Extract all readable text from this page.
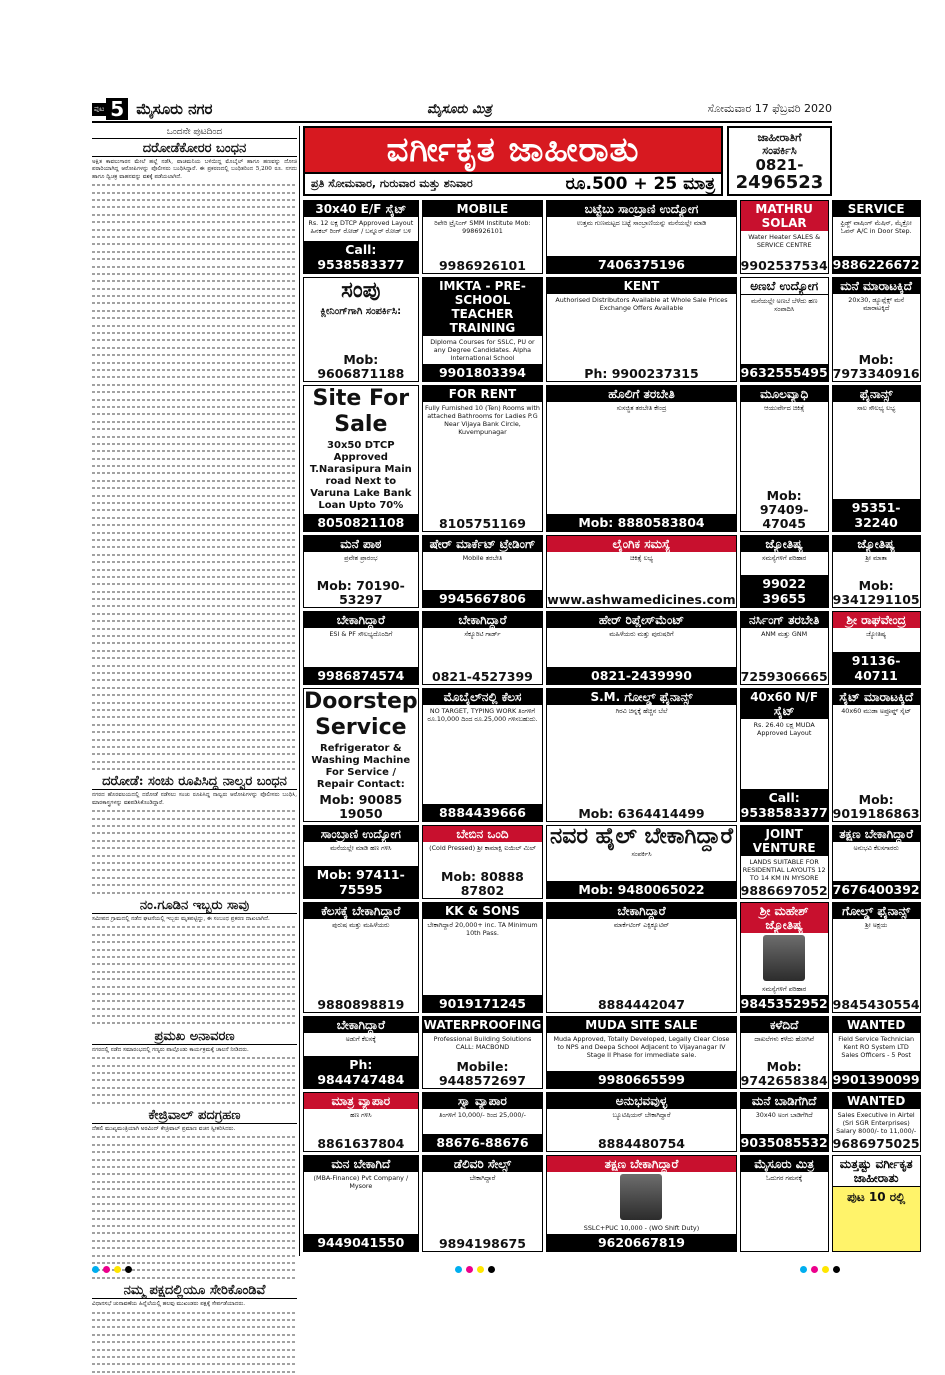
ಪುಟ 5 ಮೈಸೂರು ನಗರ	ಮೈಸೂರು ಮಿತ್ರ	ಸೋಮವಾರ 17 ಫೆಬ್ರವರಿ 2020
ಒಂದನೇ ಪುಟದಿಂದ
ದರೋಡೆಕೋರರ ಬಂಧನ

ಅಕ್ಷಿತ ಕಾವಲುಗಾರನ ಮೇಲೆ ಹಲ್ಲೆ ನಡೆಸಿ, ವಾಚಮನಿಯ ಬಳಿಯಿದ್ದ ಮೊಬೈಲ್ ಹಾಗೂ ಹಣವನ್ನು ದೋಚಿ ಪರಾರಿಯಾಗಿದ್ದ ಆರೋಪಿಗಳನ್ನು ಪೊಲೀಸರು ಬಂಧಿಸಿದ್ದಾರೆ. ಈ ಪ್ರಕರಣದಲ್ಲಿ ಬಂಧಿತರಿಂದ 5,200 ರೂ. ನಗದು ಹಾಗೂ ದ್ವಿಚಕ್ರ ವಾಹನವನ್ನು ವಶಕ್ಕೆ ಪಡೆಯಲಾಗಿದೆ.

ದರೋಡೆ: ಸಂಚು ರೂಪಿಸಿದ್ದ ನಾಲ್ವರ ಬಂಧನ

ನಗರದ ಹೊರವಲಯದಲ್ಲಿ ದರೋಡೆ ನಡೆಸಲು ಸಂಚು ರೂಪಿಸಿದ್ದ ನಾಲ್ವರು ಆರೋಪಿಗಳನ್ನು ಪೊಲೀಸರು ಬಂಧಿಸಿ, ಮಾರಕಾಸ್ತ್ರಗಳನ್ನು ವಶಪಡಿಸಿಕೊಂಡಿದ್ದಾರೆ.

ನಂ.ಗೂಡಿನ ಇಬ್ಬರು ಸಾವು

ಸಮೀಪದ ಗ್ರಾಮದಲ್ಲಿ ನಡೆದ ಘಟನೆಯಲ್ಲಿ ಇಬ್ಬರು ಮೃತಪಟ್ಟಿದ್ದು, ಈ ಸಂಬಂಧ ಪ್ರಕರಣ ದಾಖಲಾಗಿದೆ.

ಪ್ರಮಖ ಅನಾವರಣ

ನಗರದಲ್ಲಿ ನಡೆದ ಸಮಾರಂಭದಲ್ಲಿ ಗಣ್ಯರು ಪಾಲ್ಗೊಂಡು ಕಾರ್ಯಕ್ರಮಕ್ಕೆ ಚಾಲನೆ ನೀಡಿದರು.

ಕೇಜ್ರಿವಾಲ್ ಪದಗ್ರಹಣ

ದೆಹಲಿ ಮುಖ್ಯಮಂತ್ರಿಯಾಗಿ ಅರವಿಂದ್ ಕೇಜ್ರಿವಾಲ್ ಪ್ರಮಾಣ ವಚನ ಸ್ವೀಕರಿಸಿದರು.

ನಮ್ಮ ಪಕ್ಷದಲ್ಲಿಯೂ ಸೇರಿಕೊಂಡಿವೆ

ವಿಧಾನಸಭೆ ಚುನಾವಣೆಯ ಹಿನ್ನೆಲೆಯಲ್ಲಿ ಹಲವು ಮುಖಂಡರು ಪಕ್ಷಕ್ಕೆ ಸೇರ್ಪಡೆಯಾದರು.

ವರ್ಗೀಕೃತ ಜಾಹೀರಾತು
ಪ್ರತಿ ಸೋಮವಾರ, ಗುರುವಾರ ಮತ್ತು ಶನಿವಾರ	ರೂ.500 + 25 ಮಾತ್ರ
ಜಾಹೀರಾತಿಗೆ
ಸಂಪರ್ಕಿಸಿ
0821-
2496523
30x40 E/F ಸೈಟ್
Rs. 12 ಲಕ್ಷ DTCP Approved Layout ಹಿನಕಲ್ ರಿಂಗ್ ರೋಡ್ / ಬನ್ನೂರ್ ರೋಡ್ ಬಳಿ
Call: 9538583377
MOBILE
ರಿಪೇರಿ ಟ್ರೈನಿಂಗ್ SMM Institute Mob: 9986926101
9986926101
ಬಟ್ಟೆಬು ಸಾಂಬ್ರಾಣಿ ಉದ್ಯೋಗ
ಉತ್ತಮ ಗುಣಮಟ್ಟದ ಬಟ್ಟೆ ಸಾಂಬ್ರಾಣಿಯನ್ನು ಮನೆಯಲ್ಲೇ ಮಾಡಿ
7406375196
MATHRU SOLAR
Water Heater SALES & SERVICE CENTRE
9902537534
SERVICE
ಫ್ರಿಡ್ಜ್ ವಾಷಿಂಗ್ ಮೆಷಿನ್, ಮೈಕ್ರೋ ಓವನ್ A/C in Door Step.
9886226672
ಸಂಪು
ಕ್ಲೀನಿಂಗ್‌ಗಾಗಿ ಸಂಪರ್ಕಿಸಿ:
Mob: 9606871188
IMKTA - PRE-SCHOOL TEACHER TRAINING
Diploma Courses for SSLC, PU or any Degree Candidates. Alpha International School
9901803394
KENT
Authorised Distributors Available at Whole Sale Prices Exchange Offers Available
Ph: 9900237315
ಅಣಬೆ ಉದ್ಯೋಗ
ಮನೆಯಲ್ಲೇ ಅಣಬೆ ಬೆಳೆದು ಹಣ ಸಂಪಾದಿಸಿ
9632555495
ಮನೆ ಮಾರಾಟಕ್ಕಿದೆ
20x30, ಡ್ಯೂಪ್ಲೆಕ್ಸ್ ಮನೆ ಮಾರಾಟಕ್ಕಿದೆ
Mob: 7973340916
Site For Sale
30x50 DTCP Approved T.Narasipura Main road Next to Varuna Lake Bank Loan Upto 70%
8050821108
FOR RENT
Fully Furnished 10 (Ten) Rooms with attached Bathrooms for Ladies P.G Near Vijaya Bank Circle, Kuvempunagar
8105751169
ಹೊಲಿಗೆ ತರಬೇತಿ
ಸುಸಜ್ಜಿತ ತರಬೇತಿ ಕೇಂದ್ರ
Mob: 8880583804
ಮೂಲವ್ಯಾಧಿ
ಆಯುರ್ವೇದ ಚಿಕಿತ್ಸೆ
Mob: 97409-47045
ಫೈನಾನ್ಸ್
ಸಾಲ ಸೌಲಭ್ಯ ಲಭ್ಯ
95351-32240
ಮನೆ ಪಾಠ
ಪ್ರವೇಶ ಪ್ರಾರಂಭ
Mob: 70190-53297
ಷೇರ್ ಮಾರ್ಕೆಟ್ ಟ್ರೇಡಿಂಗ್
Mobile ತರಬೇತಿ
9945667806
ಲೈಂಗಿಕ ಸಮಸ್ಯೆ
ಚಿಕಿತ್ಸೆ ಲಭ್ಯ
www.ashwamedicines.com
ಜ್ಯೋತಿಷ್ಯ
ಸಮಸ್ಯೆಗಳಿಗೆ ಪರಿಹಾರ
99022 39655
ಜ್ಯೋತಿಷ್ಯ
ಶ್ರೀ ಮಾತಾ
Mob: 9341291105
ಬೇಕಾಗಿದ್ದಾರೆ
ESI & PF ಸೌಲಭ್ಯದೊಂದಿಗೆ
9986874574
ಬೇಕಾಗಿದ್ದಾರೆ
ಸೆಕ್ಯೂರಿಟಿ ಗಾರ್ಡ್
0821-4527399
ಹೇರ್ ರಿಪ್ಲೇಸ್‌ಮೆಂಟ್
ಮಹಿಳೆಯರು ಮತ್ತು ಪುರುಷರಿಗೆ
0821-2439990
ನರ್ಸಿಂಗ್ ತರಬೇತಿ
ANM ಮತ್ತು GNM
7259306665
ಶ್ರೀ ರಾಘವೇಂದ್ರ
ಜ್ಯೋತಿಷ್ಯ
91136-40711
Doorstep Service
Refrigerator & Washing Machine For Service / Repair Contact:
Mob: 90085 19050
ಮೊಬೈಲ್‌ನಲ್ಲಿ ಕೆಲಸ
NO TARGET, TYPING WORK ತಿಂಗಳಿಗೆ ರೂ.10,000 ದಿಂದ ರೂ.25,000 ಗಳಿಸಬಹುದು.
8884439666
S.M. ಗೋಲ್ಡ್ ಫೈನಾನ್ಸ್
ಗಿರವಿ ಚಿನ್ನಕ್ಕೆ ಹೆಚ್ಚಿನ ಬೆಲೆ
Mob: 6364414499
40x60 N/F ಸೈಟ್
Rs. 26.40 ಲಕ್ಷ MUDA Approved Layout
Call: 9538583377
ಸೈಟ್ ಮಾರಾಟಕ್ಕಿದೆ
40x60 ಮುಡಾ ಅಪ್ರೂವ್ಡ್ ಸೈಟ್
Mob: 9019186863
ಸಾಂಬ್ರಾಣಿ ಉದ್ಯೋಗ
ಮನೆಯಲ್ಲೇ ಮಾಡಿ ಹಣ ಗಳಿಸಿ
Mob: 97411-75595
ಬೇಬಿನ ಒಂದಿ
(Cold Pressed) ಶ್ರೀ ಕಾಮಾಕ್ಷಿ ಐಯಿಲ್ ಮಿಲ್
Mob: 80888 87802
ನವರ ಹೈಲ್ ಬೇಕಾಗಿದ್ದಾರೆ
ಸಂಪರ್ಕಿಸಿ
Mob: 9480065022
JOINT VENTURE
LANDS SUITABLE FOR RESIDENTIAL LAYOUTS 12 TO 14 KM IN MYSORE
9886697052
ತಕ್ಷಣ ಬೇಕಾಗಿದ್ದಾರೆ
ಅನುಭವಿ ಕೆಲಸಗಾರರು
7676400392
ಕೆಲಸಕ್ಕೆ ಬೇಕಾಗಿದ್ದಾರೆ
ಪುರುಷ ಮತ್ತು ಮಹಿಳೆಯರು
9880898819
KK & SONS
ಬೇಕಾಗಿದ್ದಾರೆ 20,000+ inc. TA Minimum 10th Pass.
9019171245
ಬೇಕಾಗಿದ್ದಾರೆ
ಮಾರ್ಕೆಟಿಂಗ್ ಎಕ್ಸಿಕ್ಯೂಟಿವ್
8884442047
ಶ್ರೀ ಮಹೇಶ್ ಜ್ಯೋತಿಷ್ಯ
ಸಮಸ್ಯೆಗಳಿಗೆ ಪರಿಹಾರ
9845352952
ಗೋಲ್ಡ್ ಫೈನಾನ್ಸ್
ಶ್ರೀ ಅಕ್ಷಯ
9845430554
ಬೇಕಾಗಿದ್ದಾರೆ
ಅಡುಗೆ ಕೆಲಸಕ್ಕೆ
Ph: 9844747484
WATERPROOFING
Professional Building Solutions CALL: MACBOND
Mobile: 9448572697
MUDA SITE SALE
Muda Approved, Totally Developed, Legally Clear Close to NPS and Deepa School Adjacent to Vijayanagar IV Stage II Phase for immediate sale.
9980665599
ಕಳೆದಿದೆ
ದಾಖಲೆಗಳು ಕಳೆದು ಹೋಗಿವೆ
Mob: 9742658384
WANTED
Field Service Technician Kent RO System LTD Sales Officers - 5 Post
9901390099
ಮಾತ್ರ ವ್ಯಾಪಾರ
ಹಣ ಗಳಿಸಿ
8861637804
ಸ್ವಾ ವ್ಯಾಪಾರ
ತಿಂಗಳಿಗೆ 10,000/- ರಿಂದ 25,000/-
88676-88676
ಅನುಭವವುಳ್ಳ
ಬ್ಯೂಟಿಷಿಯನ್ ಬೇಕಾಗಿದ್ದಾರೆ
8884480754
ಮನೆ ಬಾಡಿಗೆಗಿದೆ
30x40 ಅಂಗ ಬಾಡಿಗೆಗಿದೆ
9035085532
WANTED
Sales Executive in Airtel (Sri SGR Enterprises) Salary 8000/- to 11,000/-
9686975025
ಮನ ಬೇಕಾಗಿದೆ
(MBA-Finance) Pvt Company / Mysore
9449041550
ಡೆಲಿವರಿ ಸೇಲ್ಸ್
ಬೇಕಾಗಿದ್ದಾರೆ
9894198675
ತಕ್ಷಣ ಬೇಕಾಗಿದ್ದಾರೆ
SSLC+PUC 10,000 - (WO Shift Duty)
9620667819
ಮೈಸೂರು ಮಿತ್ರ
ಓದುಗರ ಗಮನಕ್ಕೆ
ಮತ್ತಷ್ಟು ವರ್ಗೀಕೃತ ಜಾಹೀರಾತು
ಪುಟ 10 ರಲ್ಲಿ
